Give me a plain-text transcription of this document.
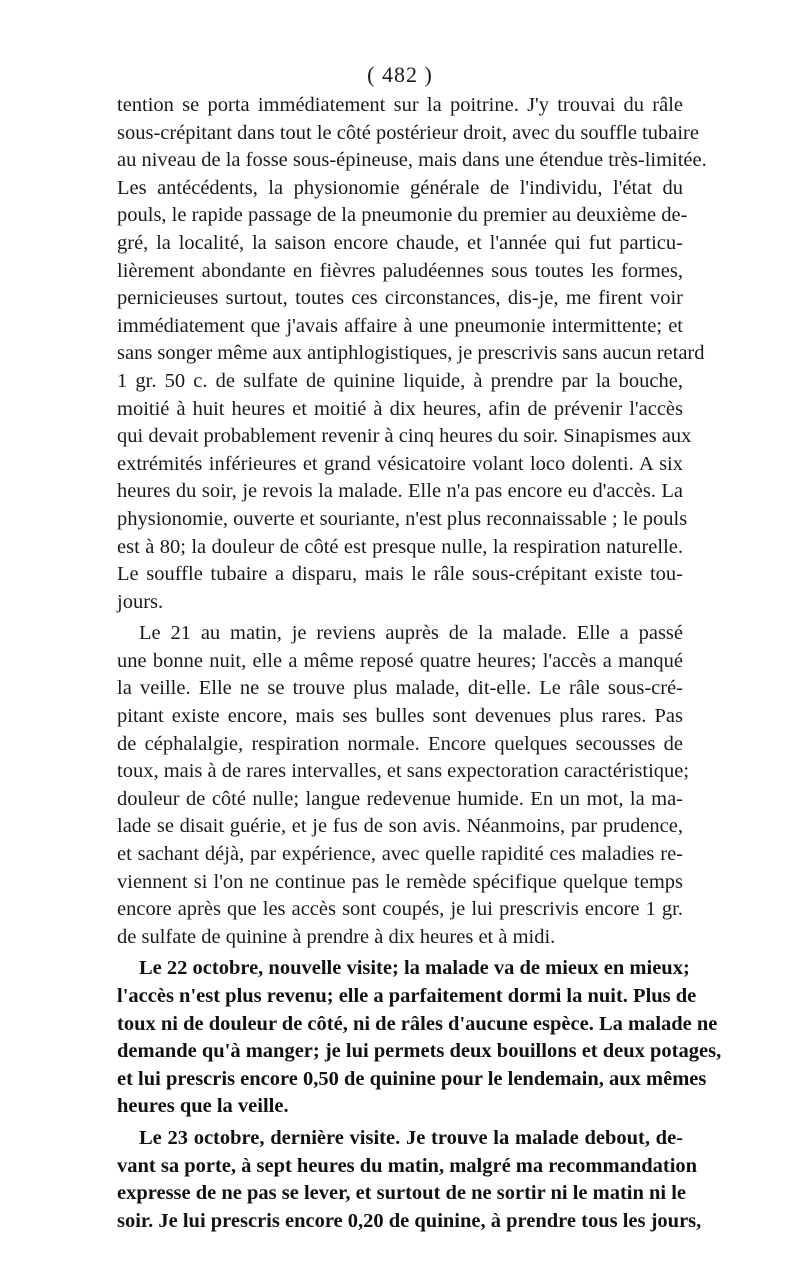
( 482 )
tention se porta immédiatement sur la poitrine. J'y trouvai du râle
sous-crépitant dans tout le côté postérieur droit, avec du souffle tubaire
au niveau de la fosse sous-épineuse, mais dans une étendue très-limitée.
Les antécédents, la physionomie générale de l'individu, l'état du
pouls, le rapide passage de la pneumonie du premier au deuxième de-
gré, la localité, la saison encore chaude, et l'année qui fut particu-
lièrement abondante en fièvres paludéennes sous toutes les formes,
pernicieuses surtout, toutes ces circonstances, dis-je, me firent voir
immédiatement que j'avais affaire à une pneumonie intermittente; et
sans songer même aux antiphlogistiques, je prescrivis sans aucun retard
1 gr. 50 c. de sulfate de quinine liquide, à prendre par la bouche,
moitié à huit heures et moitié à dix heures, afin de prévenir l'accès
qui devait probablement revenir à cinq heures du soir. Sinapismes aux
extrémités inférieures et grand vésicatoire volant loco dolenti. A six
heures du soir, je revois la malade. Elle n'a pas encore eu d'accès. La
physionomie, ouverte et souriante, n'est plus reconnaissable ; le pouls
est à 80; la douleur de côté est presque nulle, la respiration naturelle.
Le souffle tubaire a disparu, mais le râle sous-crépitant existe tou-
jours.
Le 21 au matin, je reviens auprès de la malade. Elle a passé
une bonne nuit, elle a même reposé quatre heures; l'accès a manqué
la veille. Elle ne se trouve plus malade, dit-elle. Le râle sous-cré-
pitant existe encore, mais ses bulles sont devenues plus rares. Pas
de céphalalgie, respiration normale. Encore quelques secousses de
toux, mais à de rares intervalles, et sans expectoration caractéristique;
douleur de côté nulle; langue redevenue humide. En un mot, la ma-
lade se disait guérie, et je fus de son avis. Néanmoins, par prudence,
et sachant déjà, par expérience, avec quelle rapidité ces maladies re-
viennent si l'on ne continue pas le remède spécifique quelque temps
encore après que les accès sont coupés, je lui prescrivis encore 1 gr.
de sulfate de quinine à prendre à dix heures et à midi.
Le 22 octobre, nouvelle visite; la malade va de mieux en mieux;
l'accès n'est plus revenu; elle a parfaitement dormi la nuit. Plus de
toux ni de douleur de côté, ni de râles d'aucune espèce. La malade ne
demande qu'à manger; je lui permets deux bouillons et deux potages,
et lui prescris encore 0,50 de quinine pour le lendemain, aux mêmes
heures que la veille.
Le 23 octobre, dernière visite. Je trouve la malade debout, de-
vant sa porte, à sept heures du matin, malgré ma recommandation
expresse de ne pas se lever, et surtout de ne sortir ni le matin ni le
soir. Je lui prescris encore 0,20 de quinine, à prendre tous les jours,
